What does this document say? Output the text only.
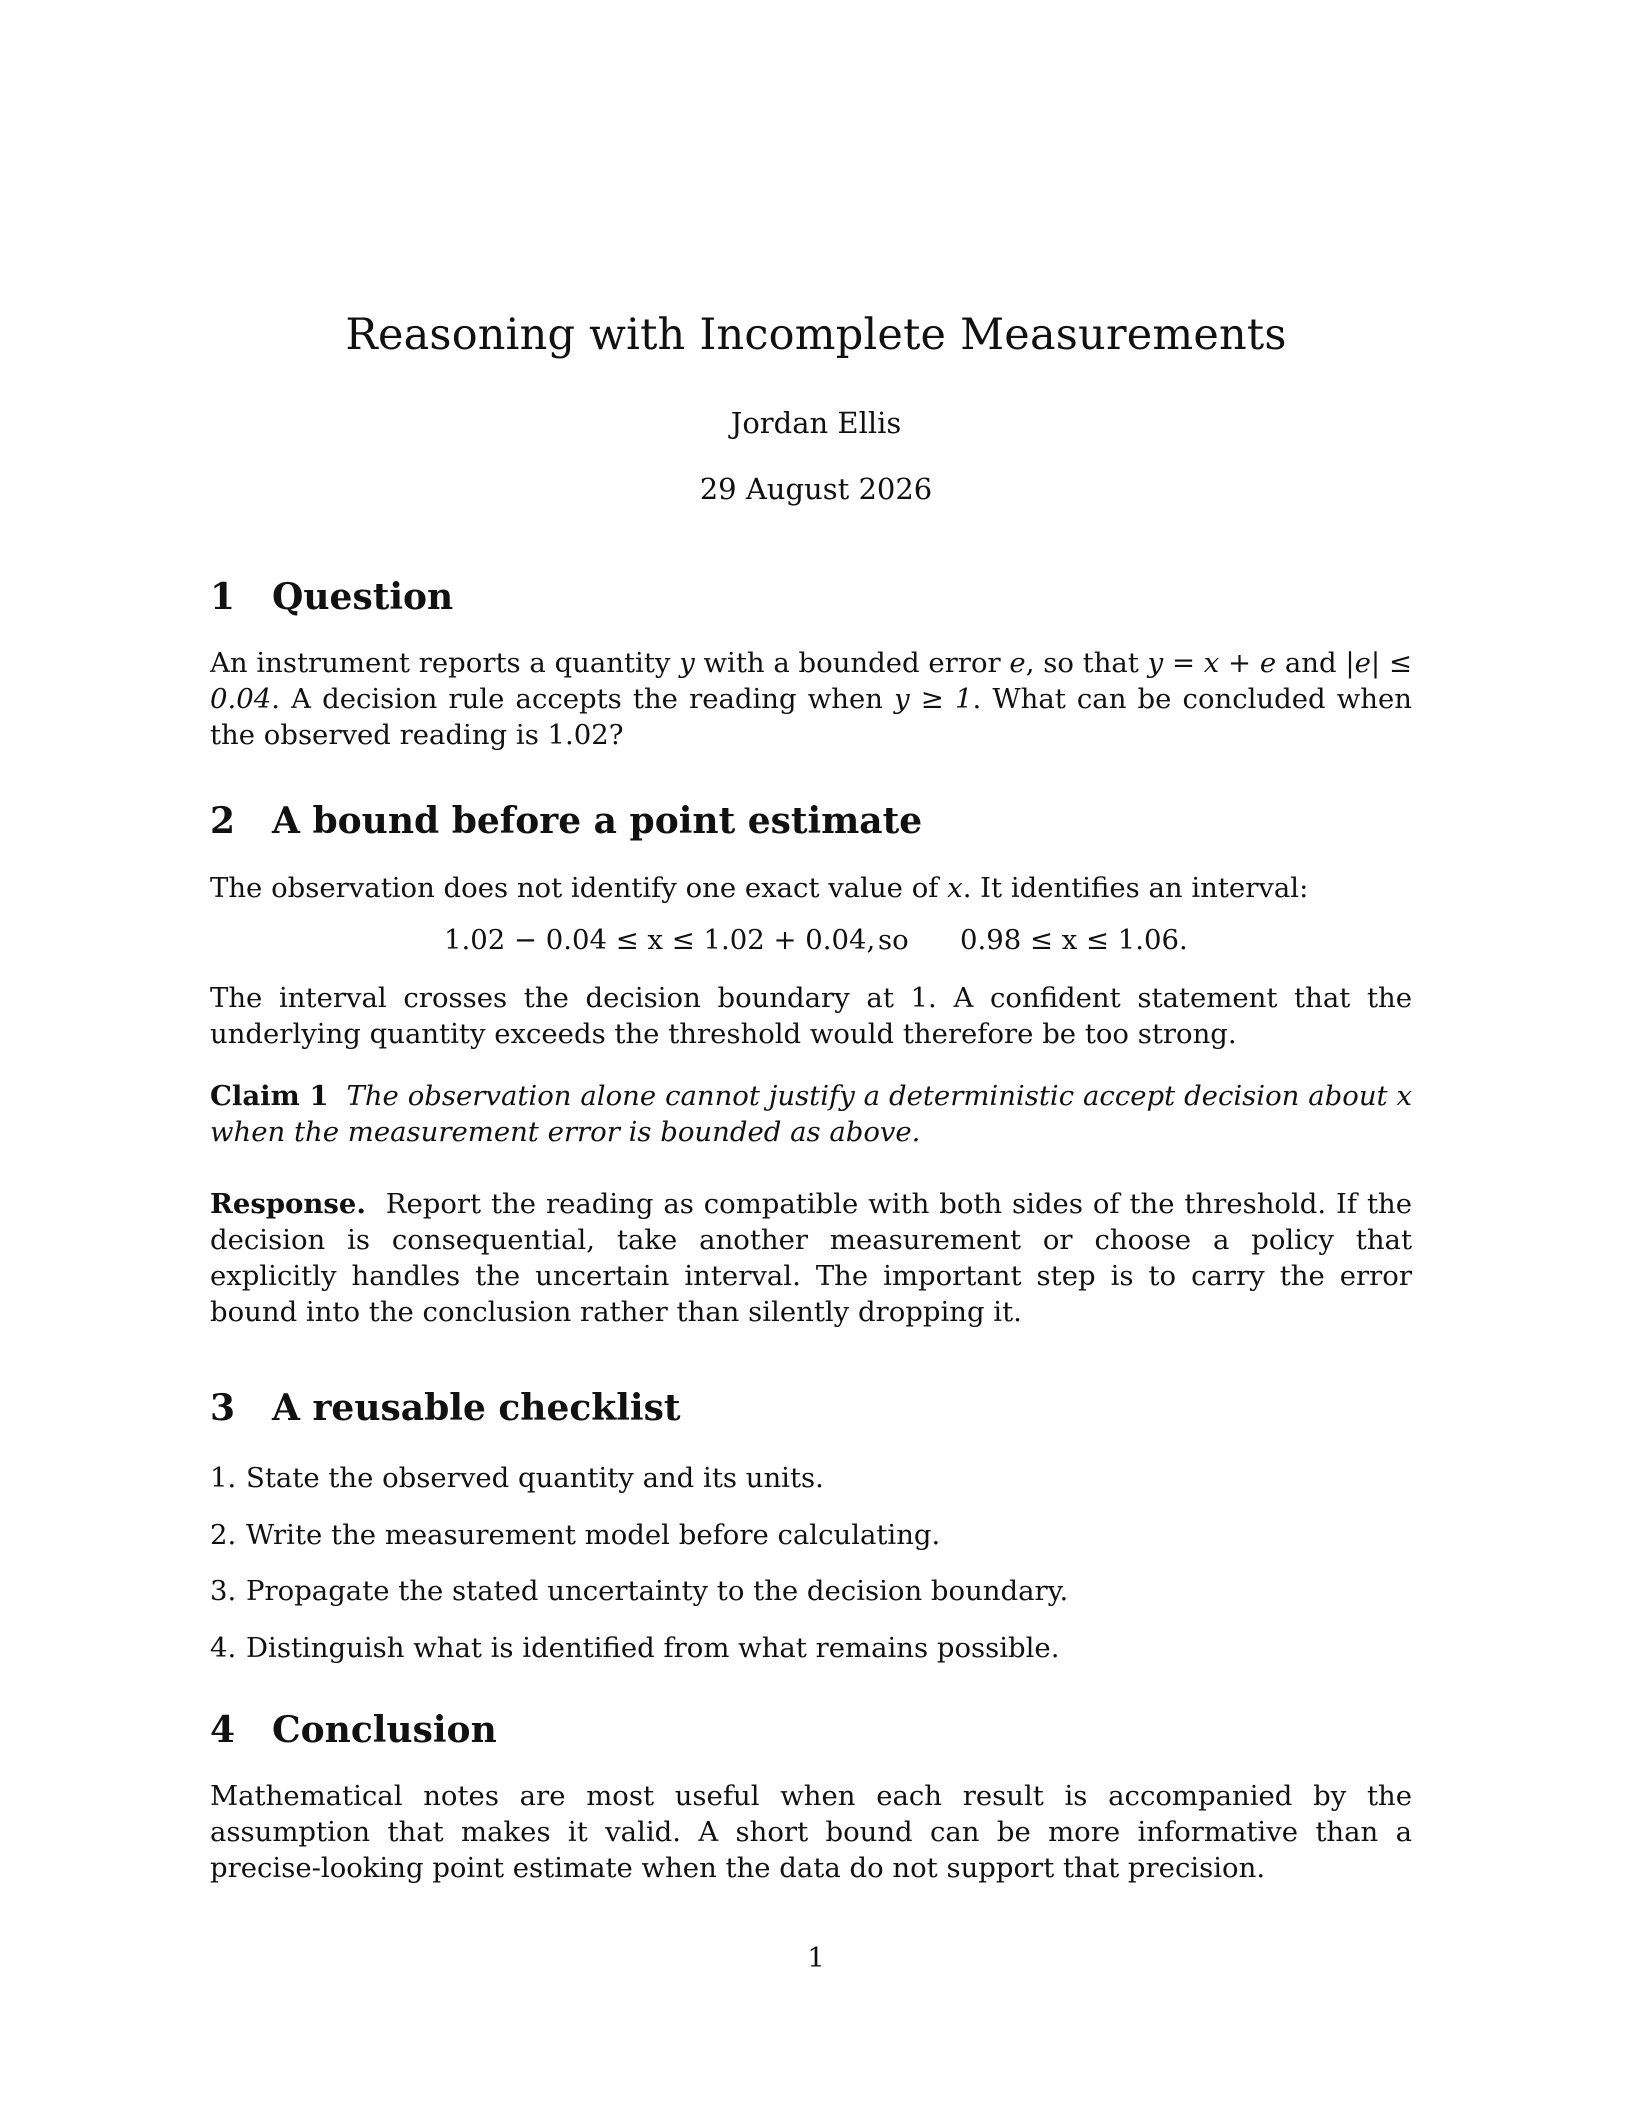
Reasoning with Incomplete Measurements
Jordan Ellis
29 August 2026
1 Question
An instrument reports a quantity y with a bounded error e, so that y = x + e and |e| ≤ 0.04. A decision rule accepts the reading when y ≥ 1. What can be concluded when the observed reading is 1.02?
2 A bound before a point estimate
The observation does not identify one exact value of x. It identifies an interval:
1.02 − 0.04 ≤ x ≤ 1.02 + 0.04, so 0.98 ≤ x ≤ 1.06.
The interval crosses the decision boundary at 1. A confident statement that the underlying quantity exceeds the threshold would therefore be too strong.
Claim 1 The observation alone cannot justify a deterministic accept decision about x when the measurement error is bounded as above.
Response. Report the reading as compatible with both sides of the threshold. If the decision is consequential, take another measurement or choose a policy that explicitly handles the uncertain interval. The important step is to carry the error bound into the conclusion rather than silently dropping it.
3 A reusable checklist
1. State the observed quantity and its units.
2. Write the measurement model before calculating.
3. Propagate the stated uncertainty to the decision boundary.
4. Distinguish what is identified from what remains possible.
4 Conclusion
Mathematical notes are most useful when each result is accompanied by the assumption that makes it valid. A short bound can be more informative than a precise-looking point estimate when the data do not support that precision.
1
